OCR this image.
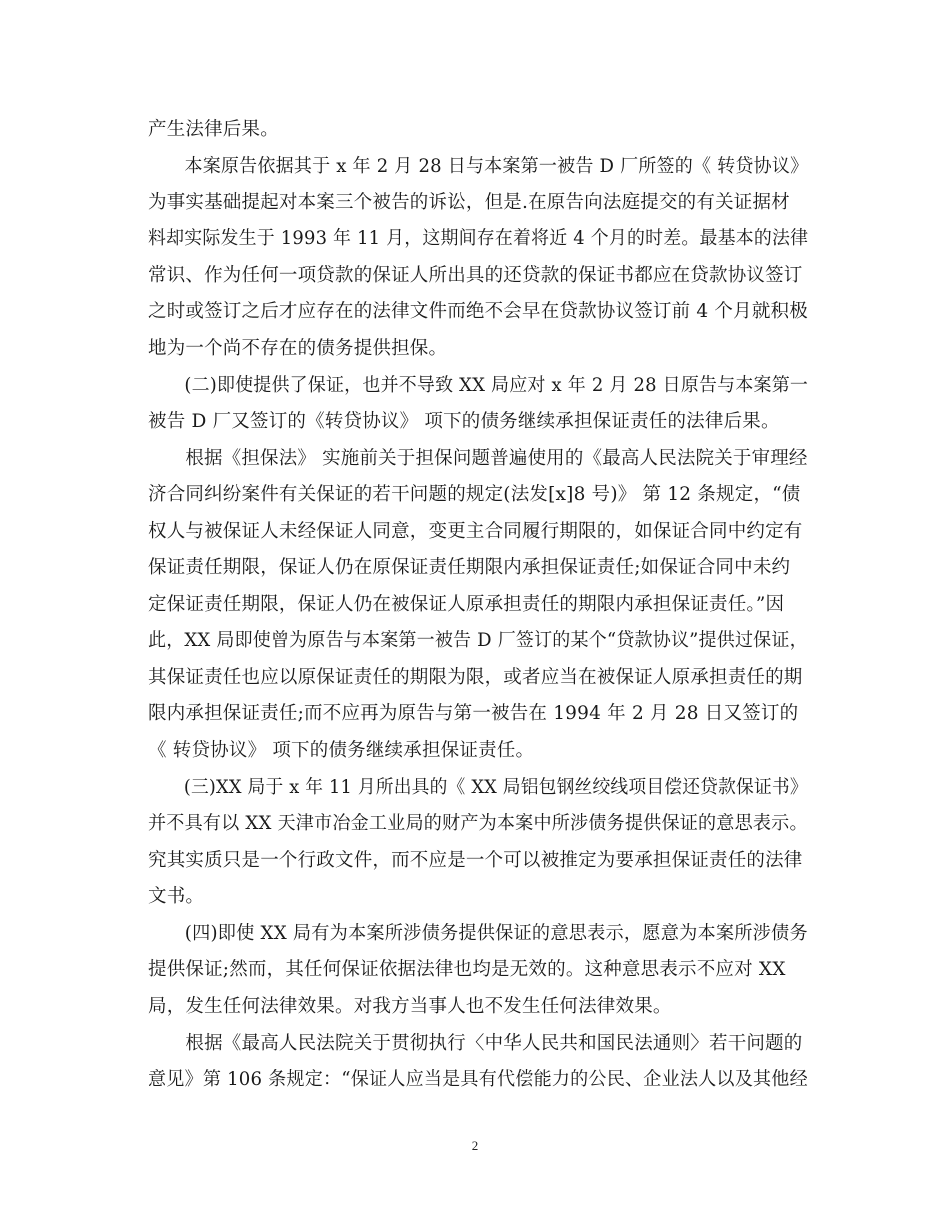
产生法律后果。
　　本案原告依据其于 x 年 2 月 28 日与本案第一被告 D 厂所签的《 转贷协议》
为事实基础提起对本案三个被告的诉讼，但是.在原告向法庭提交的有关证据材
料却实际发生于 1993 年 11 月，这期间存在着将近 4 个月的时差。最基本的法律
常识、作为任何一项贷款的保证人所出具的还贷款的保证书都应在贷款协议签订
之时或签订之后才应存在的法律文件而绝不会早在贷款协议签订前 4 个月就积极
地为一个尚不存在的债务提供担保。
　　(二)即使提供了保证，也并不导致 XX 局应对 x 年 2 月 28 日原告与本案第一
被告 D 厂又签订的《转贷协议》 项下的债务继续承担保证责任的法律后果。
　　根据《担保法》 实施前关于担保问题普遍使用的《最高人民法院关于审理经
济合同纠纷案件有关保证的若干问题的规定(法发[x]8 号)》 第 12 条规定，“债
权人与被保证人未经保证人同意，变更主合同履行期限的，如保证合同中约定有
保证责任期限，保证人仍在原保证责任期限内承担保证责任;如保证合同中未约
定保证责任期限，保证人仍在被保证人原承担责任的期限内承担保证责任。”因
此，XX 局即使曾为原告与本案第一被告 D 厂签订的某个“贷款协议”提供过保证，
其保证责任也应以原保证责任的期限为限，或者应当在被保证人原承担责任的期
限内承担保证责任;而不应再为原告与第一被告在 1994 年 2 月 28 日又签订的
《 转贷协议》 项下的债务继续承担保证责任。
　　(三)XX 局于 x 年 11 月所出具的《 XX 局铝包钢丝绞线项目偿还贷款保证书》
并不具有以 XX 天津市冶金工业局的财产为本案中所涉债务提供保证的意思表示。
究其实质只是一个行政文件，而不应是一个可以被推定为要承担保证责任的法律
文书。
　　(四)即使 XX 局有为本案所涉债务提供保证的意思表示，愿意为本案所涉债务
提供保证;然而，其任何保证依据法律也均是无效的。这种意思表示不应对 XX
局，发生任何法律效果。对我方当事人也不发生任何法律效果。
　　根据《最高人民法院关于贯彻执行〈中华人民共和国民法通则〉若干问题的
意见》第 106 条规定：“保证人应当是具有代偿能力的公民、企业法人以及其他经
2
